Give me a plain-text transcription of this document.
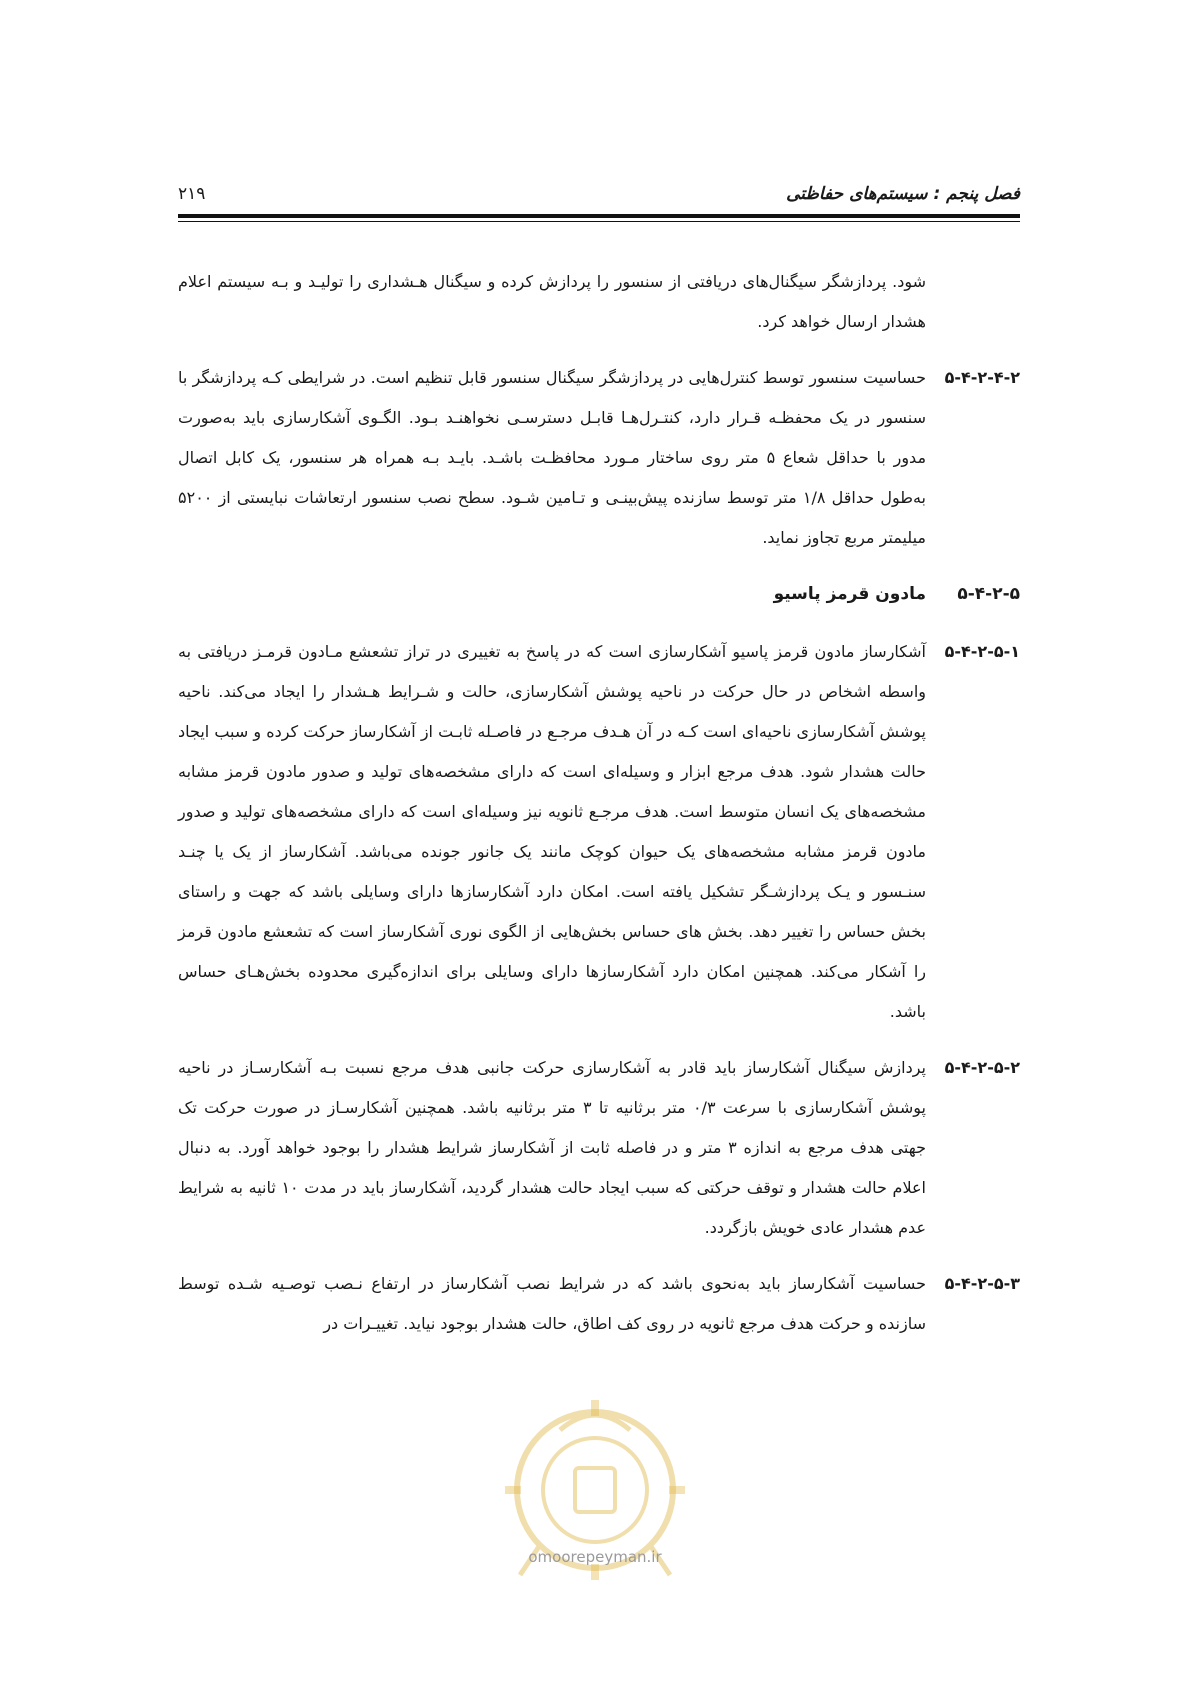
فصل پنجم : سیستم‌های حفاظتی
۲۱۹

شود. پردازشگر سیگنال‌های دریافتی از سنسور را پردازش کرده و سیگنال هـشداری را تولیـد و بـه سیستم اعلام هشدار ارسال خواهد کرد.

۵-۴-۲-۴-۲
حساسیت سنسور توسط کنترل‌هایی در پردازشگر سیگنال سنسور قابل تنظیم است. در شرایطی کـه پردازشگر با سنسور در یک محفظـه قـرار دارد، کنتـرل‌هـا قابـل دسترسـی نخواهنـد بـود. الگـوی آشکارسازی باید به‌صورت مدور با حداقل شعاع ۵ متر روی ساختار مـورد محافظـت باشـد. بایـد بـه همراه هر سنسور، یک کابل اتصال به‌طول حداقل ۱/۸ متر توسط سازنده پیش‌بینـی و تـامین شـود. سطح نصب سنسور ارتعاشات نبایستی از ۵۲۰۰ میلیمتر مربع تجاوز نماید.

۵-۴-۲-۵
مادون قرمز پاسیو

۵-۴-۲-۵-۱
آشکارساز مادون قرمز پاسیو آشکارسازی است که در پاسخ به تغییری در تراز تشعشع مـادون قرمـز دریافتی به واسطه اشخاص در حال حرکت در ناحیه پوشش آشکارسازی، حالت و شـرایط هـشدار را ایجاد می‌کند. ناحیه پوشش آشکارسازی ناحیه‌ای است کـه در آن هـدف مرجـع در فاصـله ثابـت از آشکارساز حرکت کرده و سبب ایجاد حالت هشدار شود. هدف مرجع ابزار و وسیله‌ای است که دارای مشخصه‌های تولید و صدور مادون قرمز مشابه مشخصه‌های یک انسان متوسط است. هدف مرجـع ثانویه نیز وسیله‌ای است که دارای مشخصه‌های تولید و صدور مادون قرمز مشابه مشخصه‌های یک حیوان کوچک مانند یک جانور جونده می‌باشد. آشکارساز از یک یا چنـد سنـسور و یـک پردازشـگر تشکیل یافته است. امکان دارد آشکارسازها دارای وسایلی باشد که جهت و راستای بخش حساس را تغییر دهد. بخش های حساس بخش‌هایی از الگوی نوری آشکارساز است که تشعشع مادون قرمز را آشکار می‌کند. همچنین امکان دارد آشکارسازها دارای وسایلی برای اندازه‌گیری محدوده بخش‌هـای حساس باشد.

۵-۴-۲-۵-۲
پردازش سیگنال آشکارساز باید قادر به آشکارسازی حرکت جانبی هدف مرجع نسبت بـه آشکارسـاز در ناحیه پوشش آشکارسازی با سرعت ۰/۳ متر برثانیه تا ۳ متر برثانیه باشد. همچنین آشکارسـاز در صورت حرکت تک جهتی هدف مرجع به اندازه ۳ متر و در فاصله ثابت از آشکارساز شرایط هشدار را بوجود خواهد آورد. به دنبال اعلام حالت هشدار و توقف حرکتی که سبب ایجاد حالت هشدار گردید، آشکارساز باید در مدت ۱۰ ثانیه به شرایط عدم هشدار عادی خویش بازگردد.

۵-۴-۲-۵-۳
حساسیت آشکارساز باید به‌نحوی باشد که در شرایط نصب آشکارساز در ارتفاع نـصب توصـیه شـده توسط سازنده و حرکت هدف مرجع ثانویه در روی کف اطاق، حالت هشدار بوجود نیاید. تغییـرات در

omoorepeyman.ir
